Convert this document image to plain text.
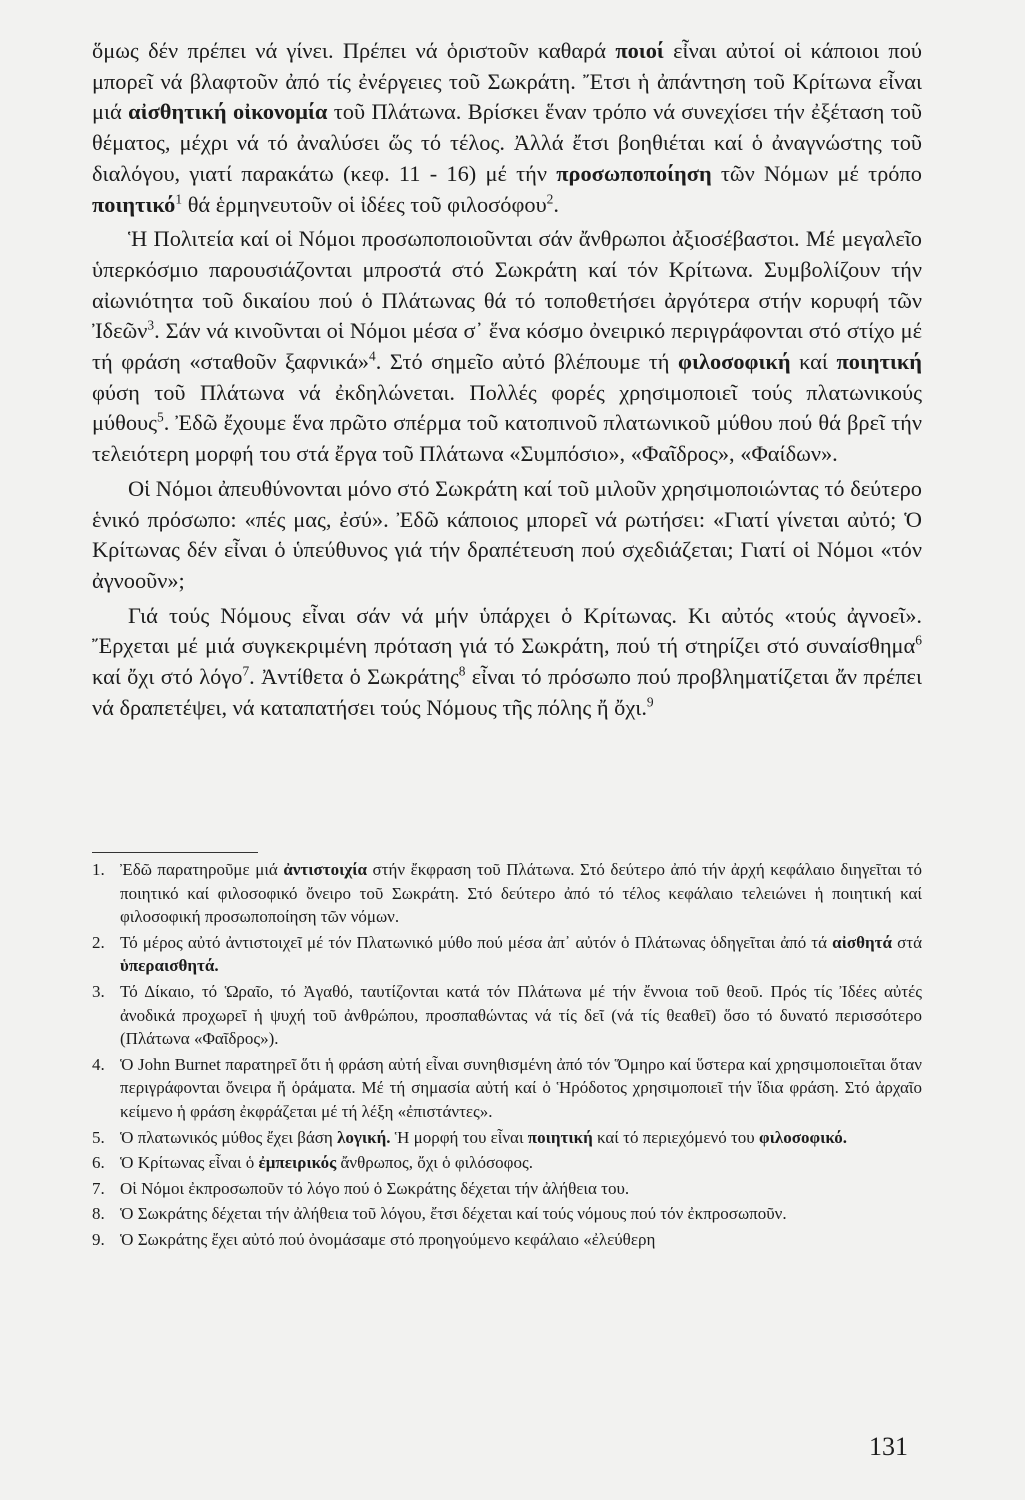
ὅμως δέν πρέπει νά γίνει. Πρέπει νά ὁριστοῦν καθαρά ποιοί εἶναι αὐτοί οἱ κάποιοι πού μπορεῖ νά βλαφτοῦν ἀπό τίς ἐνέργειες τοῦ Σωκράτη. Ἔτσι ἡ ἀπάντηση τοῦ Κρίτωνα εἶναι μιά αἰσθητική οἰκονομία τοῦ Πλάτωνα. Βρίσκει ἕναν τρόπο νά συνεχίσει τήν ἐξέταση τοῦ θέματος, μέχρι νά τό ἀναλύσει ὥς τό τέλος. Ἀλλά ἔτσι βοηθιέται καί ὁ ἀναγνώστης τοῦ διαλόγου, γιατί παρακάτω (κεφ. 11 - 16) μέ τήν προσωποποίηση τῶν Νόμων μέ τρόπο ποιητικό$^1$ θά ἑρμηνευτοῦν οἱ ἰδέες τοῦ φιλοσόφου$^2$.

Ἡ Πολιτεία καί οἱ Νόμοι προσωποποιοῦνται σάν ἄνθρωποι ἀξιοσέβαστοι. Μέ μεγαλεῖο ὑπερκόσμιο παρουσιάζονται μπροστά στό Σωκράτη καί τόν Κρίτωνα. Συμβολίζουν τήν αἰωνιότητα τοῦ δικαίου πού ὁ Πλάτωνας θά τό τοποθετήσει ἀργότερα στήν κορυφή τῶν Ἰδεῶν$^3$. Σάν νά κινοῦνται οἱ Νόμοι μέσα σ᾽ ἕνα κόσμο ὀνειρικό περιγράφονται στό στίχο μέ τή φράση «σταθοῦν ξαφνικά»$^4$. Στό σημεῖο αὐτό βλέπουμε τή φιλοσοφική καί ποιητική φύση τοῦ Πλάτωνα νά ἐκδηλώνεται. Πολλές φορές χρησιμοποιεῖ τούς πλατωνικούς μύθους$^5$. Ἐδῶ ἔχουμε ἕνα πρῶτο σπέρμα τοῦ κατοπινοῦ πλατωνικοῦ μύθου πού θά βρεῖ τήν τελειότερη μορφή του στά ἔργα τοῦ Πλάτωνα «Συμπόσιο», «Φαῖδρος», «Φαίδων».

Οἱ Νόμοι ἀπευθύνονται μόνο στό Σωκράτη καί τοῦ μιλοῦν χρησιμοποιώντας τό δεύτερο ἑνικό πρόσωπο: «πές μας, ἐσύ». Ἐδῶ κάποιος μπορεῖ νά ρωτήσει: «Γιατί γίνεται αὐτό; Ὁ Κρίτωνας δέν εἶναι ὁ ὑπεύθυνος γιά τήν δραπέτευση πού σχεδιάζεται; Γιατί οἱ Νόμοι «τόν ἀγνοοῦν»;

Γιά τούς Νόμους εἶναι σάν νά μήν ὑπάρχει ὁ Κρίτωνας. Κι αὐτός «τούς ἀγνοεῖ». Ἔρχεται μέ μιά συγκεκριμένη πρόταση γιά τό Σωκράτη, πού τή στηρίζει στό συναίσθημα$^6$ καί ὄχι στό λόγο$^7$. Ἀντίθετα ὁ Σωκράτης$^8$ εἶναι τό πρόσωπο πού προβληματίζεται ἄν πρέπει νά δραπετέψει, νά καταπατήσει τούς Νόμους τῆς πόλης ἤ ὄχι.$^9$

1. Ἐδῶ παρατηροῦμε μιά ἀντιστοιχία στήν ἔκφραση τοῦ Πλάτωνα. Στό δεύτερο ἀπό τήν ἀρχή κεφάλαιο διηγεῖται τό ποιητικό καί φιλοσοφικό ὄνειρο τοῦ Σωκράτη. Στό δεύτερο ἀπό τό τέλος κεφάλαιο τελειώνει ἡ ποιητική καί φιλοσοφική προσωποποίηση τῶν νόμων.
2. Τό μέρος αὐτό ἀντιστοιχεῖ μέ τόν Πλατωνικό μύθο πού μέσα ἀπ᾽ αὐτόν ὁ Πλάτωνας ὁδηγεῖται ἀπό τά αἰσθητά στά ὑπεραισθητά.
3. Τό Δίκαιο, τό Ὡραῖο, τό Ἀγαθό, ταυτίζονται κατά τόν Πλάτωνα μέ τήν ἔννοια τοῦ θεοῦ. Πρός τίς Ἰδέες αὐτές ἀνοδικά προχωρεῖ ἡ ψυχή τοῦ ἀνθρώπου, προσπαθώντας νά τίς δεῖ (νά τίς θεαθεῖ) ὅσο τό δυνατό περισσότερο (Πλάτωνα «Φαῖδρος»).
4. Ὁ John Burnet παρατηρεῖ ὅτι ἡ φράση αὐτή εἶναι συνηθισμένη ἀπό τόν Ὅμηρο καί ὕστερα καί χρησιμοποιεῖται ὅταν περιγράφονται ὄνειρα ἤ ὁράματα. Μέ τή σημασία αὐτή καί ὁ Ἡρόδοτος χρησιμοποιεῖ τήν ἴδια φράση. Στό ἀρχαῖο κείμενο ἡ φράση ἐκφράζεται μέ τή λέξη «ἐπιστάντες».
5. Ὁ πλατωνικός μύθος ἔχει βάση λογική. Ἡ μορφή του εἶναι ποιητική καί τό περιεχόμενό του φιλοσοφικό.
6. Ὁ Κρίτωνας εἶναι ὁ ἐμπειρικός ἄνθρωπος, ὄχι ὁ φιλόσοφος.
7. Οἱ Νόμοι ἐκπροσωποῦν τό λόγο πού ὁ Σωκράτης δέχεται τήν ἀλήθεια του.
8. Ὁ Σωκράτης δέχεται τήν ἀλήθεια τοῦ λόγου, ἔτσι δέχεται καί τούς νόμους πού τόν ἐκπροσωποῦν.
9. Ὁ Σωκράτης ἔχει αὐτό πού ὀνομάσαμε στό προηγούμενο κεφάλαιο «ἐλεύθερη
131
